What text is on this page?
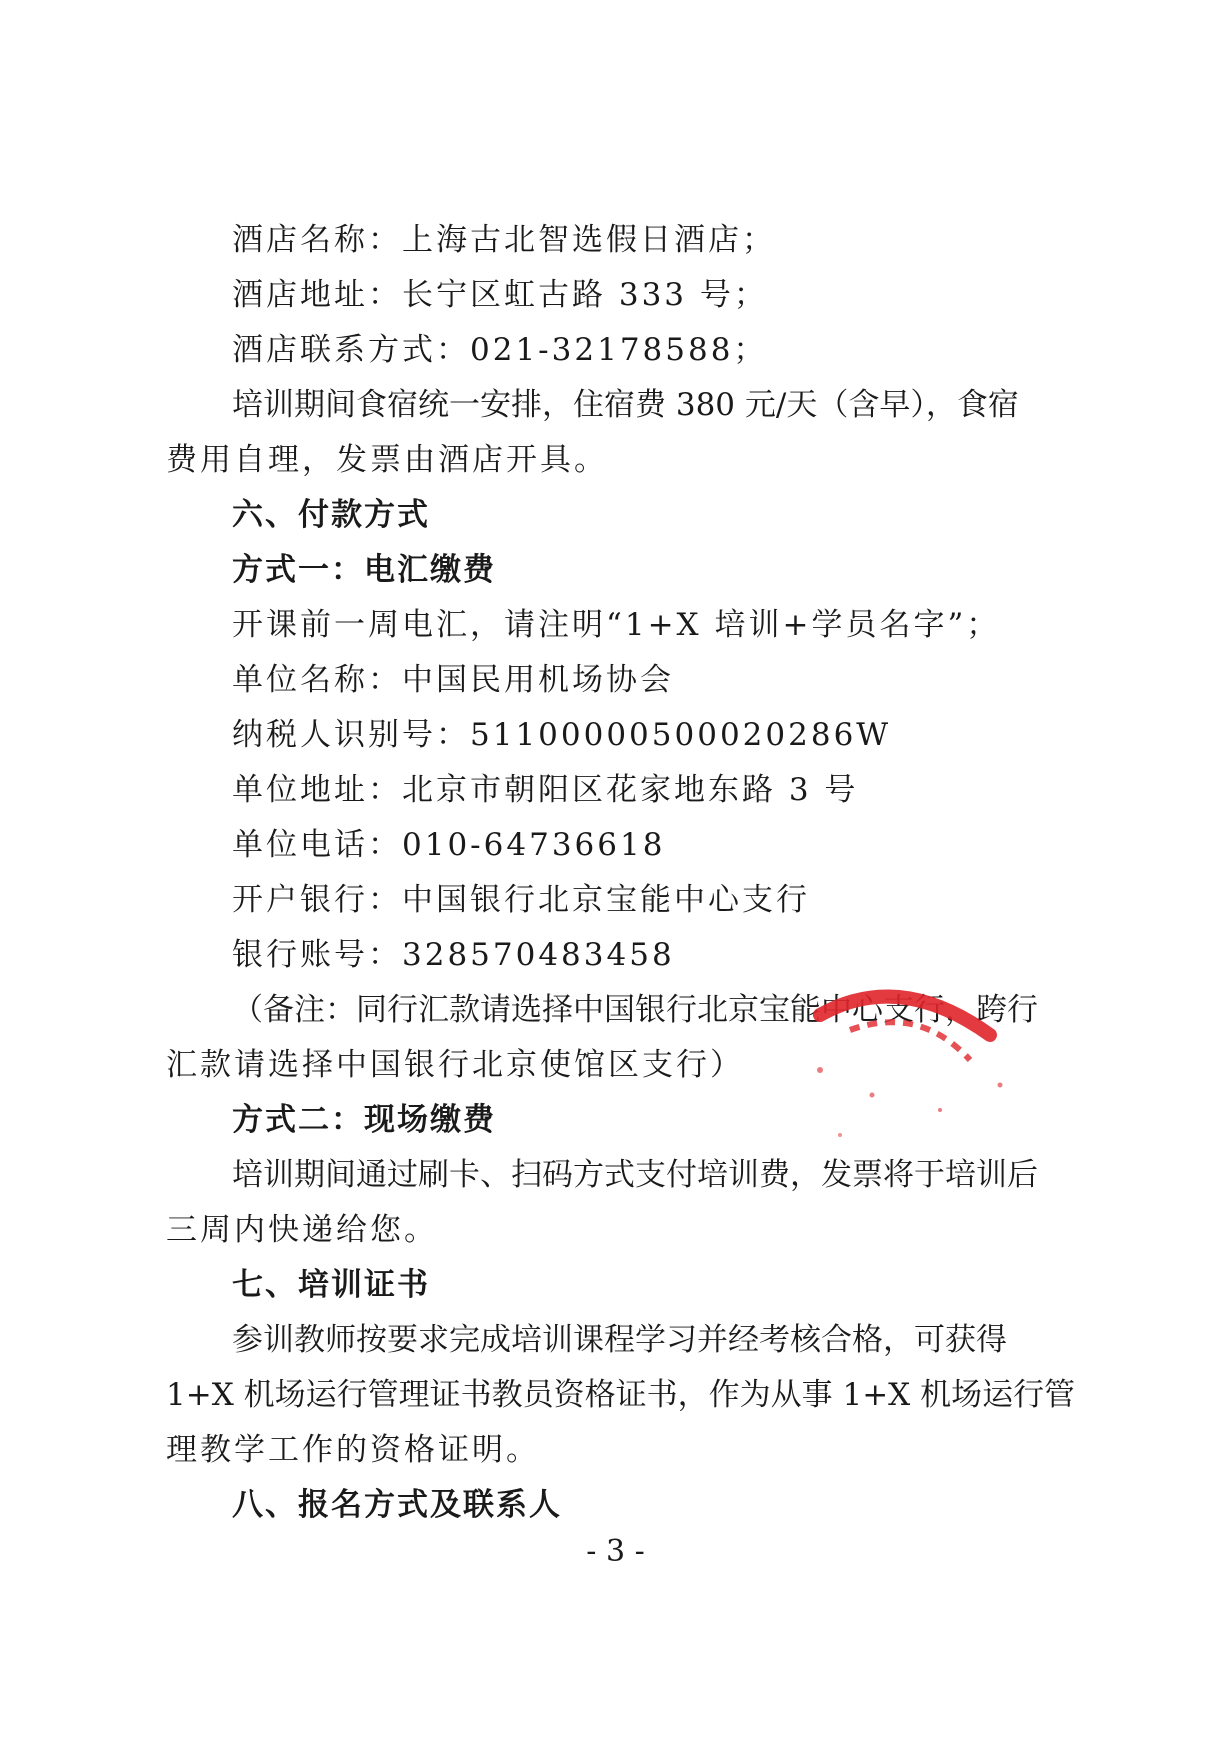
酒店名称：上海古北智选假日酒店；
酒店地址：长宁区虹古路 333 号；
酒店联系方式：021-32178588；
培训期间食宿统一安排，住宿费 380 元/天（含早），食宿
费用自理，发票由酒店开具。
六、付款方式
方式一：电汇缴费
开课前一周电汇，请注明“1+X 培训+学员名字”；
单位名称：中国民用机场协会
纳税人识别号：51100000500020286W
单位地址：北京市朝阳区花家地东路 3 号
单位电话：010-64736618
开户银行：中国银行北京宝能中心支行
银行账号：328570483458
（备注：同行汇款请选择中国银行北京宝能中心支行，跨行
汇款请选择中国银行北京使馆区支行）
方式二：现场缴费
培训期间通过刷卡、扫码方式支付培训费，发票将于培训后
三周内快递给您。
七、培训证书
参训教师按要求完成培训课程学习并经考核合格，可获得
1+X 机场运行管理证书教员资格证书，作为从事 1+X 机场运行管
理教学工作的资格证明。
八、报名方式及联系人
- 3 -
